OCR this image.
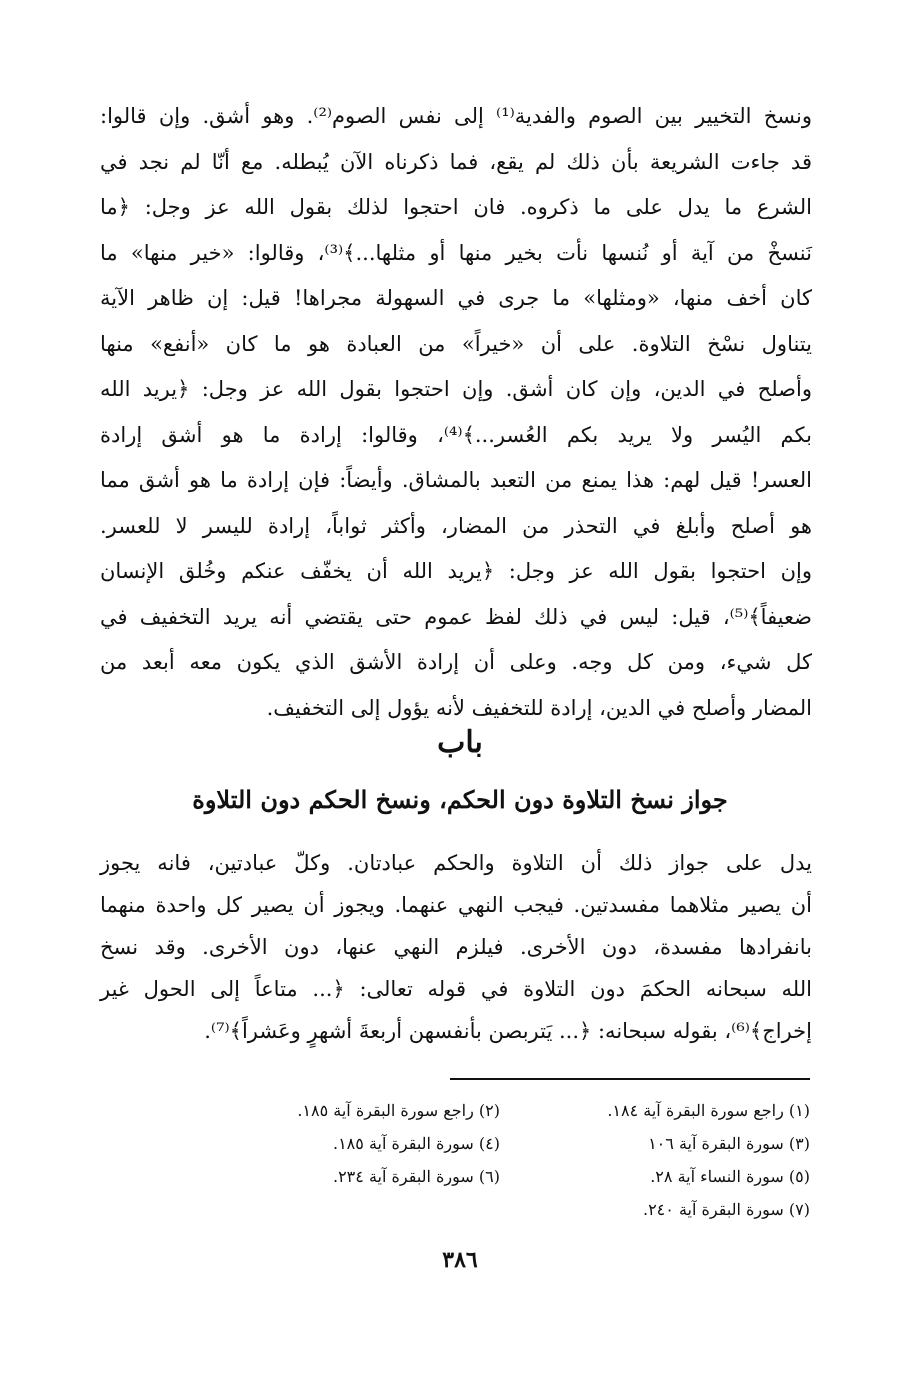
ونسخ التخيير بين الصوم والفدية⁽¹⁾ إلى نفس الصوم⁽²⁾. وهو أشق. وإن قالوا:
قد جاءت الشريعة بأن ذلك لم يقع، فما ذكرناه الآن يُبطله. مع أنّا لم نجد في
الشرع ما يدل على ما ذكروه. فان احتجوا لذلك بقول الله عز وجل: ﴿ما
نَنسخْ من آية أو نُنسها نأت بخير منها أو مثلها...﴾⁽³⁾، وقالوا: «خير منها» ما
كان أخف منها، «ومثلها» ما جرى في السهولة مجراها! قيل: إن ظاهر الآية
يتناول نسْخ التلاوة. على أن «خيراً» من العبادة هو ما كان «أنفع» منها
وأصلح في الدين، وإن كان أشق. وإن احتجوا بقول الله عز وجل: ﴿يريد الله
بكم اليُسر ولا يريد بكم العُسر...﴾⁽⁴⁾، وقالوا: إرادة ما هو أشق إرادة
العسر! قيل لهم: هذا يمنع من التعبد بالمشاق. وأيضاً: فإن إرادة ما هو أشق مما
هو أصلح وأبلغ في التحذر من المضار، وأكثر ثواباً، إرادة لليسر لا للعسر.
وإن احتجوا بقول الله عز وجل: ﴿يريد الله أن يخفّف عنكم وخُلق الإنسان
ضعيفاً﴾⁽⁵⁾، قيل: ليس في ذلك لفظ عموم حتى يقتضي أنه يريد التخفيف في
كل شيء، ومن كل وجه. وعلى أن إرادة الأشق الذي يكون معه أبعد من
المضار وأصلح في الدين، إرادة للتخفيف لأنه يؤول إلى التخفيف.
باب
جواز نسخ التلاوة دون الحكم، ونسخ الحكم دون التلاوة
يدل على جواز ذلك أن التلاوة والحكم عبادتان. وكلّ عبادتين، فانه يجوز
أن يصير مثلاهما مفسدتين. فيجب النهي عنهما. ويجوز أن يصير كل واحدة منهما
بانفرادها مفسدة، دون الأخرى. فيلزم النهي عنها، دون الأخرى. وقد نسخ
الله سبحانه الحكمَ دون التلاوة في قوله تعالى: ﴿... متاعاً إلى الحول غير
إخراج﴾⁽⁶⁾، بقوله سبحانه: ﴿... يَتربصن بأنفسهن أربعةَ أشهرٍ وعَشراً﴾⁽⁷⁾.
(١) راجع سورة البقرة آية ١٨٤.(٢) راجع سورة البقرة آية ١٨٥.
(٣) سورة البقرة آية ١٠٦(٤) سورة البقرة آية ١٨٥.
(٥) سورة النساء آية ٢٨.(٦) سورة البقرة آية ٢٣٤.
(٧) سورة البقرة آية ٢٤٠.
٣٨٦
